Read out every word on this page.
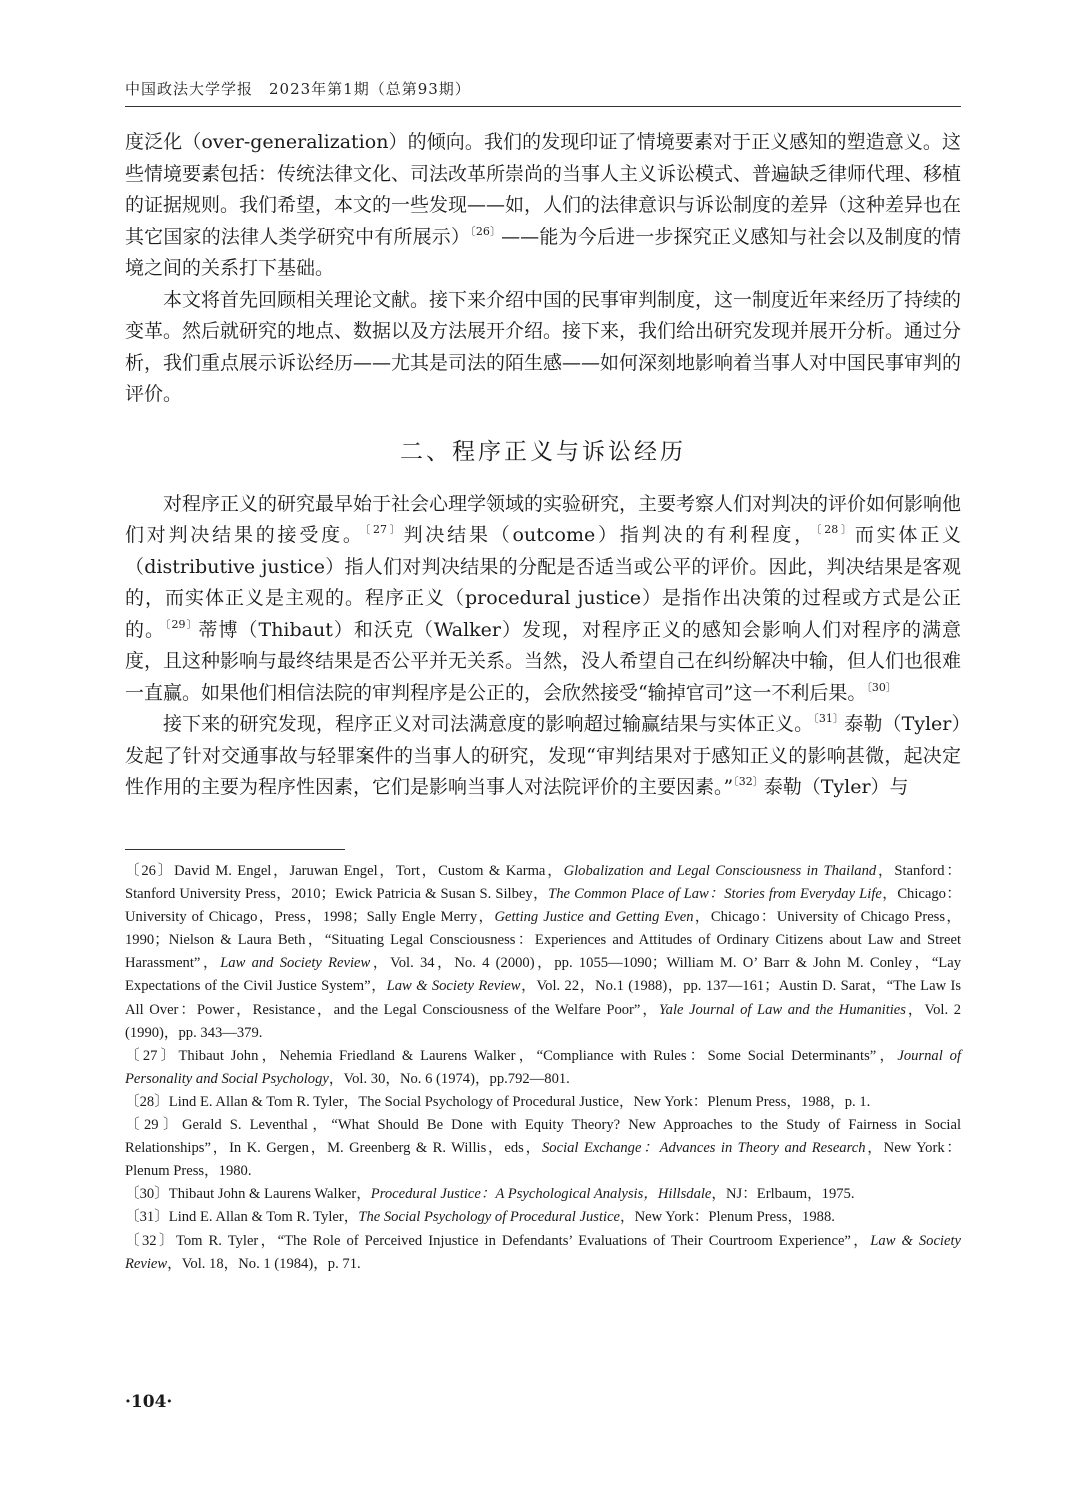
中国政法大学学报　2023年第1期（总第93期）

度泛化（over-generalization）的倾向。我们的发现印证了情境要素对于正义感知的塑造意义。这些情境要素包括：传统法律文化、司法改革所崇尚的当事人主义诉讼模式、普遍缺乏律师代理、移植的证据规则。我们希望，本文的一些发现——如，人们的法律意识与诉讼制度的差异（这种差异也在其它国家的法律人类学研究中有所展示）$^{〔26〕}$——能为今后进一步探究正义感知与社会以及制度的情境之间的关系打下基础。

本文将首先回顾相关理论文献。接下来介绍中国的民事审判制度，这一制度近年来经历了持续的变革。然后就研究的地点、数据以及方法展开介绍。接下来，我们给出研究发现并展开分析。通过分析，我们重点展示诉讼经历——尤其是司法的陌生感——如何深刻地影响着当事人对中国民事审判的评价。

二、程序正义与诉讼经历

对程序正义的研究最早始于社会心理学领域的实验研究，主要考察人们对判决的评价如何影响他们对判决结果的接受度。$^{〔27〕}$判决结果（outcome）指判决的有利程度，$^{〔28〕}$而实体正义（distributive justice）指人们对判决结果的分配是否适当或公平的评价。因此，判决结果是客观的，而实体正义是主观的。程序正义（procedural justice）是指作出决策的过程或方式是公正的。$^{〔29〕}$蒂博（Thibaut）和沃克（Walker）发现，对程序正义的感知会影响人们对程序的满意度，且这种影响与最终结果是否公平并无关系。当然，没人希望自己在纠纷解决中输，但人们也很难一直赢。如果他们相信法院的审判程序是公正的，会欣然接受“输掉官司”这一不利后果。$^{〔30〕}$

接下来的研究发现，程序正义对司法满意度的影响超过输赢结果与实体正义。$^{〔31〕}$泰勒（Tyler）发起了针对交通事故与轻罪案件的当事人的研究，发现“审判结果对于感知正义的影响甚微，起决定性作用的主要为程序性因素，它们是影响当事人对法院评价的主要因素。”$^{〔32〕}$泰勒（Tyler）与

〔26〕David M. Engel，Jaruwan Engel，Tort，Custom & Karma，Globalization and Legal Consciousness in Thailand，Stanford：Stanford University Press，2010；Ewick Patricia & Susan S. Silbey，The Common Place of Law：Stories from Everyday Life，Chicago：University of Chicago，Press，1998；Sally Engle Merry，Getting Justice and Getting Even，Chicago：University of Chicago Press，1990；Nielson & Laura Beth，“Situating Legal Consciousness：Experiences and Attitudes of Ordinary Citizens about Law and Street Harassment”，Law and Society Review，Vol. 34，No. 4 (2000)，pp. 1055—1090；William M. O’ Barr & John M. Conley，“Lay Expectations of the Civil Justice System”，Law & Society Review，Vol. 22，No.1 (1988)，pp. 137—161；Austin D. Sarat，“The Law Is All Over：Power，Resistance，and the Legal Consciousness of the Welfare Poor”，Yale Journal of Law and the Humanities，Vol. 2 (1990)，pp. 343—379.

〔27〕Thibaut John，Nehemia Friedland & Laurens Walker，“Compliance with Rules：Some Social Determinants”，Journal of Personality and Social Psychology，Vol. 30，No. 6 (1974)，pp.792—801.

〔28〕Lind E. Allan & Tom R. Tyler，The Social Psychology of Procedural Justice，New York：Plenum Press，1988，p. 1.

〔29〕Gerald S. Leventhal，“What Should Be Done with Equity Theory? New Approaches to the Study of Fairness in Social Relationships”，In K. Gergen，M. Greenberg & R. Willis，eds，Social Exchange：Advances in Theory and Research，New York：Plenum Press，1980.

〔30〕Thibaut John & Laurens Walker，Procedural Justice：A Psychological Analysis，Hillsdale，NJ：Erlbaum，1975.

〔31〕Lind E. Allan & Tom R. Tyler，The Social Psychology of Procedural Justice，New York：Plenum Press，1988.

〔32〕Tom R. Tyler，“The Role of Perceived Injustice in Defendants’ Evaluations of Their Courtroom Experience”，Law & Society Review，Vol. 18，No. 1 (1984)，p. 71.

·104·
